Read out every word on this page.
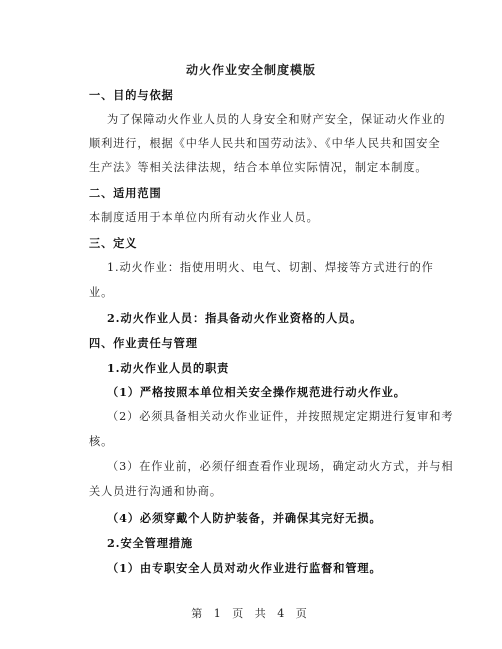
动火作业安全制度模版
一、目的与依据
为了保障动火作业人员的人身安全和财产安全，保证动火作业的
顺利进行，根据《中华人民共和国劳动法》、《中华人民共和国安全
生产法》等相关法律法规，结合本单位实际情况，制定本制度。
二、适用范围
本制度适用于本单位内所有动火作业人员。
三、定义
1.动火作业：指使用明火、电气、切割、焊接等方式进行的作
业。
2.动火作业人员：指具备动火作业资格的人员。
四、作业责任与管理
1.动火作业人员的职责
（1）严格按照本单位相关安全操作规范进行动火作业。
（2）必须具备相关动火作业证件，并按照规定定期进行复审和考
核。
（3）在作业前，必须仔细查看作业现场，确定动火方式，并与相
关人员进行沟通和协商。
（4）必须穿戴个人防护装备，并确保其完好无损。
2.安全管理措施
（1）由专职安全人员对动火作业进行监督和管理。
第 1 页 共 4 页
